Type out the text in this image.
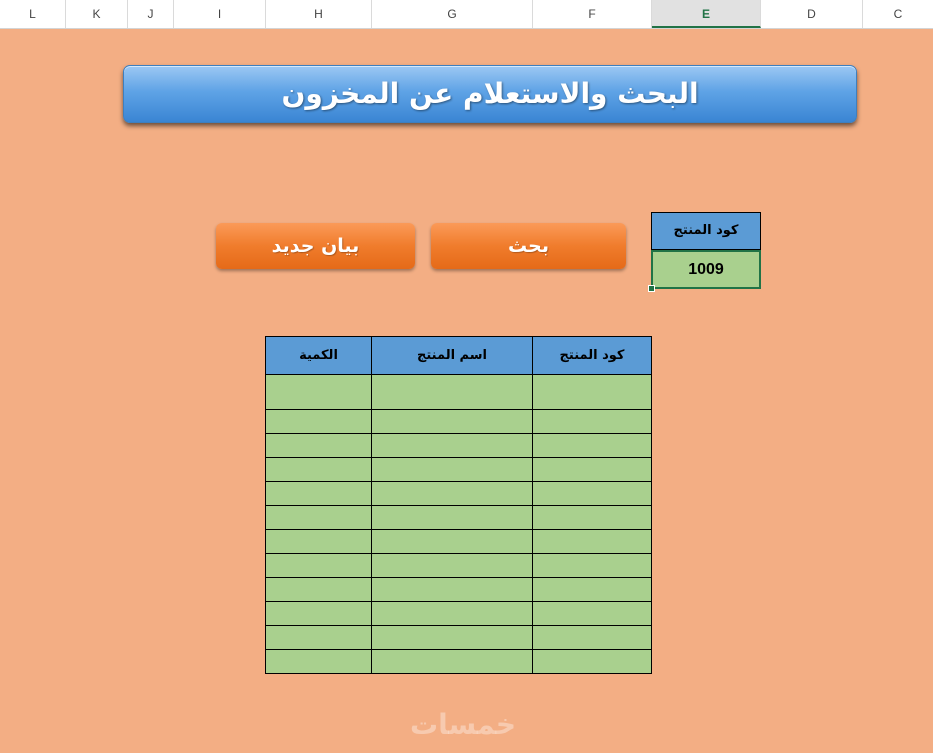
L	K	J	I	H	G	F	E	D	C
البحث والاستعلام عن المخزون
بيان جديد	بحث
كود المنتج
1009
الكمية	اسم المنتج	كود المنتج

خمسات
